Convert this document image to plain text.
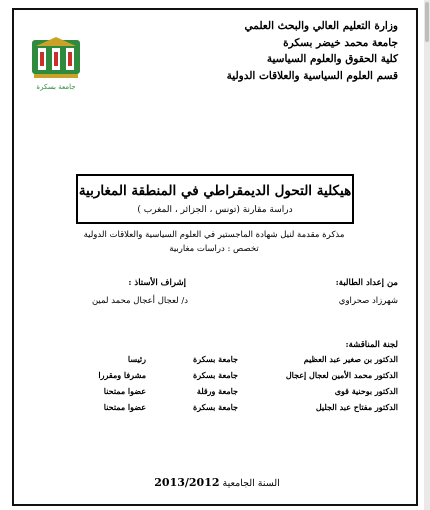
جامعة بسكرة
وزارة التعليم العالي والبحث العلمي
جامعة محمد خيضر بسكرة
كلية الحقوق والعلوم السياسية
قسم العلوم السياسية والعلاقات الدولية
هيكلية التحول الديمقراطي في المنطقة المغاربية
دراسة مقارنة (تونس ، الجزائر ، المغرب )
مذكرة مقدمة لنيل شهادة الماجستير في العلوم السياسية والعلاقات الدولية
تخصص : دراسات مغاربية
من إعداد الطالبة:
شهرزاد صحراوي
إشراف الأستاذ :
د/ لعجال أعجال محمد لمين
لجنة المناقشة:
الدكتور بن صغير عبد العظيم
جامعة بسكرة
رئيسا
الدكتور محمد الأمين لعجال إعجال
جامعة بسكرة
مشرفا ومقررا
الدكتور بوحنية قوى
جامعة ورقلة
عضوا ممتحنا
الدكتور مفتاح عبد الجليل
جامعة بسكرة
عضوا ممتحنا
السنة الجامعية 2013/2012
